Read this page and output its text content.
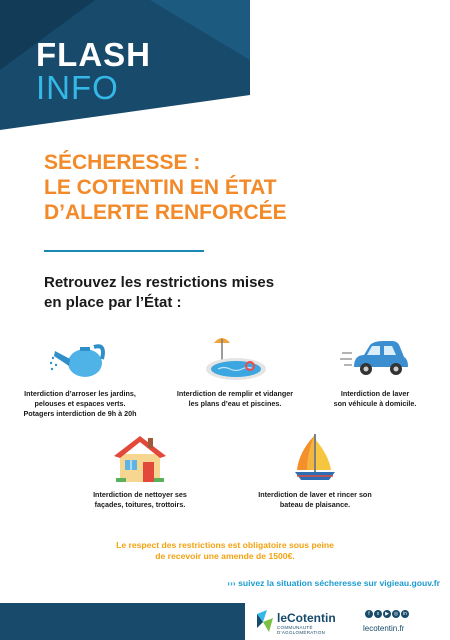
FLASH
INFO
SÉCHERESSE :
LE COTENTIN EN ÉTAT
D’ALERTE RENFORCÉE
Retrouvez les restrictions mises
en place par l’État :
Interdiction d’arroser les jardins,
pelouses et espaces verts.
Potagers interdiction de 9h à 20h
Interdiction de remplir et vidanger
les plans d’eau et piscines.
Interdiction de laver
son véhicule à domicile.
Interdiction de nettoyer ses
façades, toitures, trottoirs.
Interdiction de laver et rincer son
bateau de plaisance.
Le respect des restrictions est obligatoire sous peine
de recevoir une amende de 1500€.
››› suivez la situation sécheresse sur vigieau.gouv.fr
leCotentin
COMMUNAUTÉ D’AGGLOMÉRATION
f x ▶ ◎ in
lecotentin.fr
